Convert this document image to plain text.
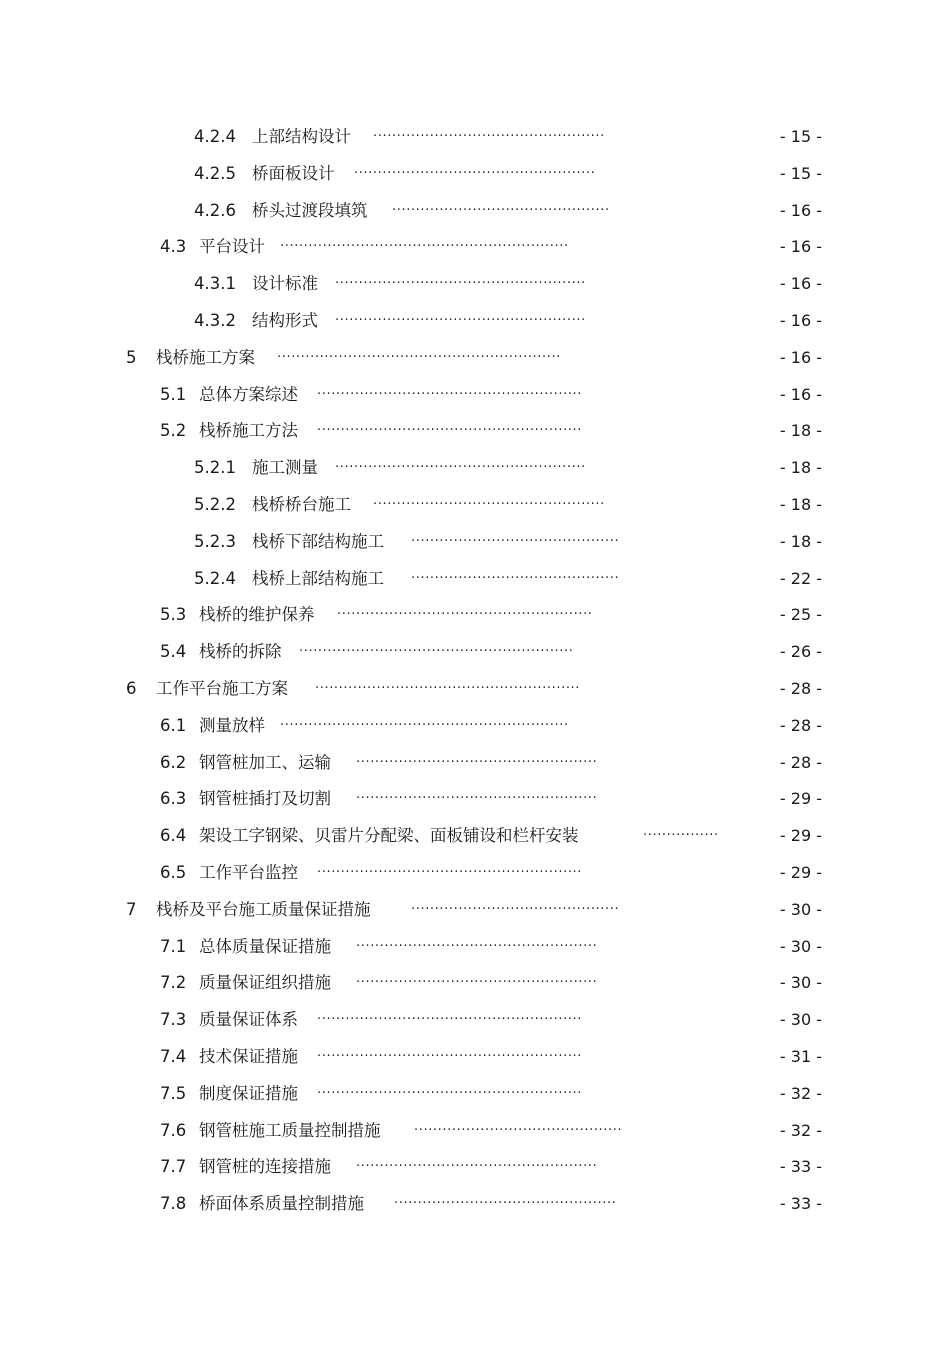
4.2.4 上部结构设计 .................................................	- 15 -
4.2.5 桥面板设计 ...................................................	- 15 -
4.2.6 桥头过渡段填筑 ..............................................	- 16 -
4.3 平台设计 .............................................................	- 16 -
4.3.1 设计标准 .....................................................	- 16 -
4.3.2 结构形式 .....................................................	- 16 -
5 栈桥施工方案 ............................................................	- 16 -
5.1 总体方案综述 ........................................................	- 16 -
5.2 栈桥施工方法 ........................................................	- 18 -
5.2.1 施工测量 .....................................................	- 18 -
5.2.2 栈桥桥台施工 .................................................	- 18 -
5.2.3 栈桥下部结构施工 ............................................	- 18 -
5.2.4 栈桥上部结构施工 ............................................	- 22 -
5.3 栈桥的维护保养 ......................................................	- 25 -
5.4 栈桥的拆除 ..........................................................	- 26 -
6 工作平台施工方案 ........................................................	- 28 -
6.1 测量放样 .............................................................	- 28 -
6.2 钢管桩加工、运输 ...................................................	- 28 -
6.3 钢管桩插打及切割 ...................................................	- 29 -
6.4 架设工字钢梁、贝雷片分配梁、面板铺设和栏杆安装	................	- 29 -
6.5 工作平台监控 ........................................................	- 29 -
7 栈桥及平台施工质量保证措施	............................................	- 30 -
7.1 总体质量保证措施 ...................................................	- 30 -
7.2 质量保证组织措施 ...................................................	- 30 -
7.3 质量保证体系 ........................................................	- 30 -
7.4 技术保证措施 ........................................................	- 31 -
7.5 制度保证措施 ........................................................	- 32 -
7.6 钢管桩施工质量控制措施	............................................	- 32 -
7.7 钢管桩的连接措施 ...................................................	- 33 -
7.8 桥面体系质量控制措施 ...............................................	- 33 -
